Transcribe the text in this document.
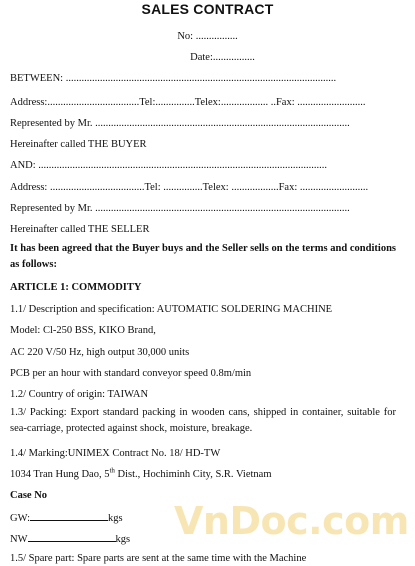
SALES CONTRACT
No: ................
Date:................
BETWEEN: .......................................................................................................
Address:...................................Tel:...............Telex:.................. ..Fax: ..........................
Represented by Mr. .................................................................................................
Hereinafter called THE BUYER
AND: ..............................................................................................................
Address: ....................................Tel: ...............Telex: ..................Fax: ..........................
Represented by Mr. .................................................................................................
Hereinafter called THE SELLER
It has been agreed that the Buyer buys and the Seller sells on the terms and conditions as follows:
ARTICLE 1: COMMODITY
1.1/ Description and specification: AUTOMATIC SOLDERING MACHINE
Model: Cl-250 BSS, KIKO Brand,
AC 220 V/50 Hz, high output 30,000 units
PCB per an hour with standard conveyor speed 0.8m/min
1.2/ Country of origin: TAIWAN
1.3/ Packing: Export standard packing in wooden cans, shipped in container, suitable for sea-carriage, protected against shock, moisture, breakage.
1.4/ Marking:UNIMEX Contract No. 18/ HD-TW
1034 Tran Hung Dao, 5th Dist., Hochiminh City, S.R. Vietnam
Case No
GW:	kgs
NW	kgs
1.5/ Spare part: Spare parts are sent at the same time with the Machine
VnDoc.com
